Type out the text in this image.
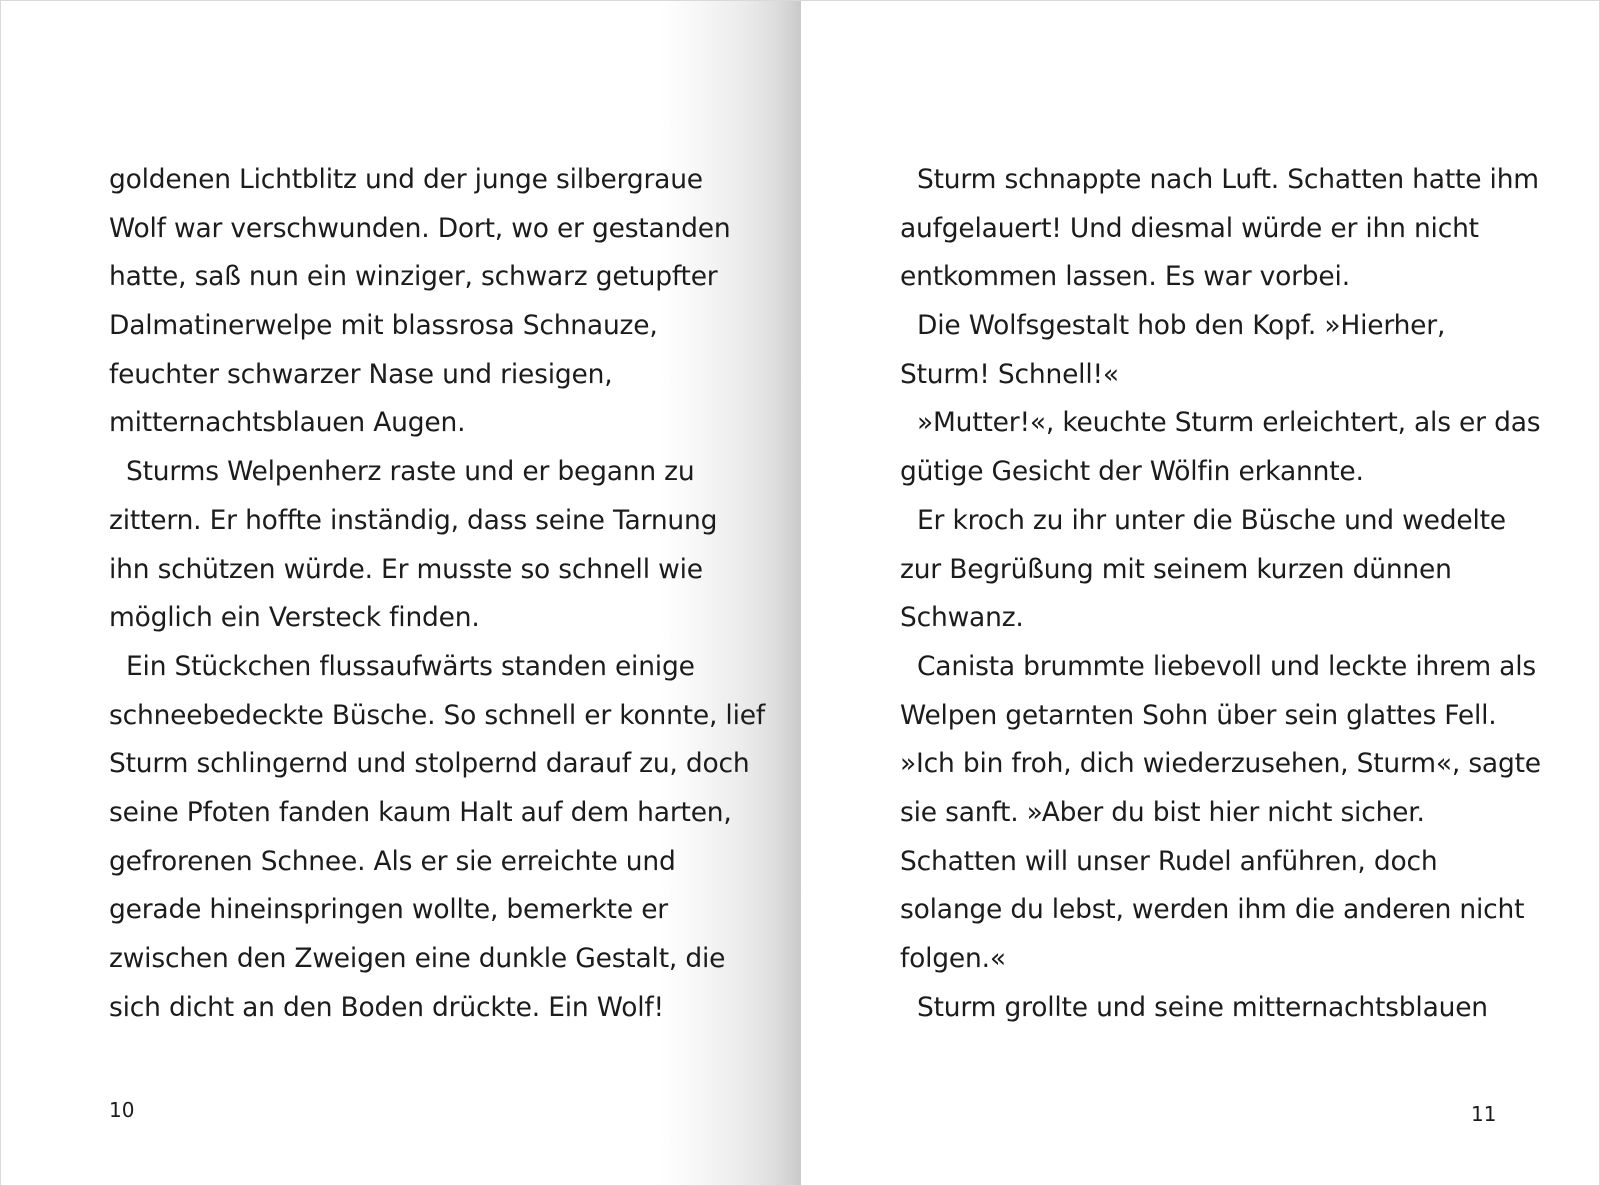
goldenen Lichtblitz und der junge silbergraue
Wolf war verschwunden. Dort, wo er gestanden
hatte, saß nun ein winziger, schwarz getupfter
Dalmatinerwelpe mit blassrosa Schnauze,
feuchter schwarzer Nase und riesigen,
mitternachtsblauen Augen.
Sturms Welpenherz raste und er begann zu
zittern. Er hoffte inständig, dass seine Tarnung
ihn schützen würde. Er musste so schnell wie
möglich ein Versteck finden.
Ein Stückchen flussaufwärts standen einige
schneebedeckte Büsche. So schnell er konnte, lief
Sturm schlingernd und stolpernd darauf zu, doch
seine Pfoten fanden kaum Halt auf dem harten,
gefrorenen Schnee. Als er sie erreichte und
gerade hineinspringen wollte, bemerkte er
zwischen den Zweigen eine dunkle Gestalt, die
sich dicht an den Boden drückte. Ein Wolf!
10
Sturm schnappte nach Luft. Schatten hatte ihm
aufgelauert! Und diesmal würde er ihn nicht
entkommen lassen. Es war vorbei.
Die Wolfsgestalt hob den Kopf. »Hierher,
Sturm! Schnell!«
»Mutter!«, keuchte Sturm erleichtert, als er das
gütige Gesicht der Wölfin erkannte.
Er kroch zu ihr unter die Büsche und wedelte
zur Begrüßung mit seinem kurzen dünnen
Schwanz.
Canista brummte liebevoll und leckte ihrem als
Welpen getarnten Sohn über sein glattes Fell.
»Ich bin froh, dich wiederzusehen, Sturm«, sagte
sie sanft. »Aber du bist hier nicht sicher.
Schatten will unser Rudel anführen, doch
solange du lebst, werden ihm die anderen nicht
folgen.«
Sturm grollte und seine mitternachtsblauen
11
